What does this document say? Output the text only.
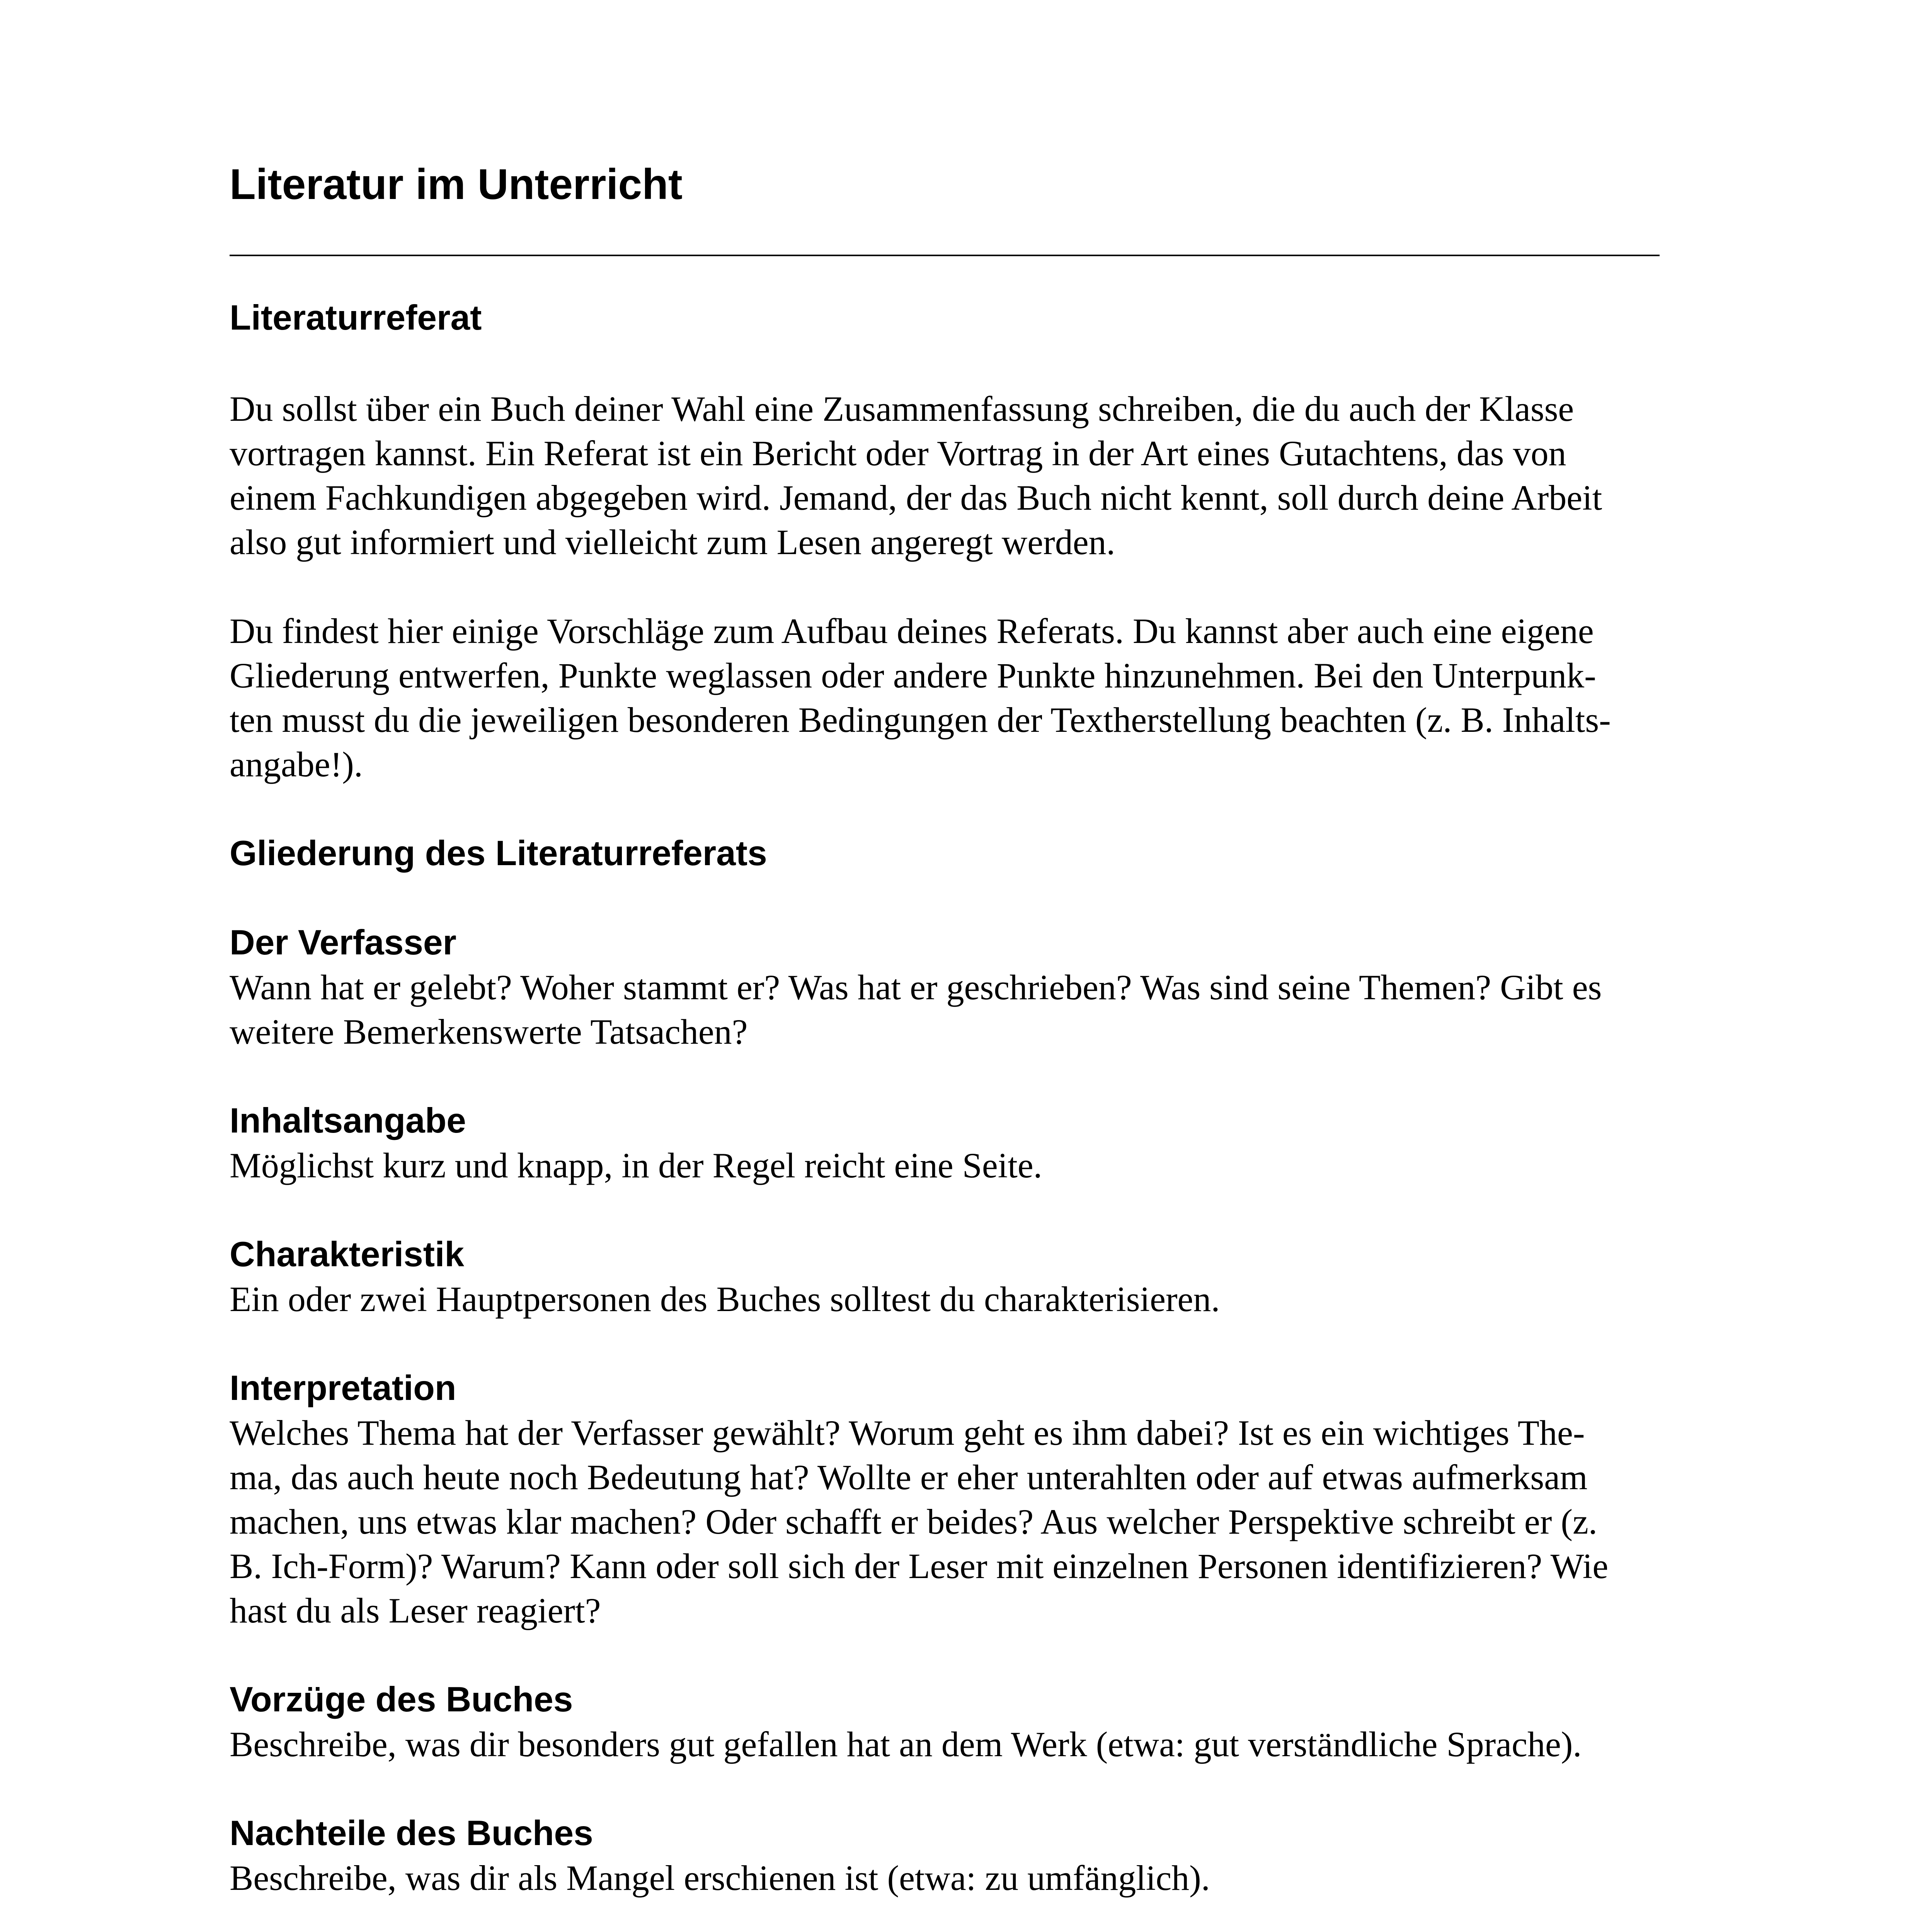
Literatur im Unterricht
Literaturreferat

Du sollst über ein Buch deiner Wahl eine Zusammenfassung schreiben, die du auch der Klasse
vortragen kannst. Ein Referat ist ein Bericht oder Vortrag in der Art eines Gutachtens, das von
einem Fachkundigen abgegeben wird. Jemand, der das Buch nicht kennt, soll durch deine Arbeit
also gut informiert und vielleicht zum Lesen angeregt werden.

Du findest hier einige Vorschläge zum Aufbau deines Referats. Du kannst aber auch eine eigene
Gliederung entwerfen, Punkte weglassen oder andere Punkte hinzunehmen. Bei den Unterpunk-
ten musst du die jeweiligen besonderen Bedingungen der Textherstellung beachten (z. B. Inhalts-
angabe!).

Gliederung des Literaturreferats
Der Verfasser

Wann hat er gelebt? Woher stammt er? Was hat er geschrieben? Was sind seine Themen? Gibt es
weitere Bemerkenswerte Tatsachen?

Inhaltsangabe

Möglichst kurz und knapp, in der Regel reicht eine Seite.

Charakteristik

Ein oder zwei Hauptpersonen des Buches solltest du charakterisieren.

Interpretation

Welches Thema hat der Verfasser gewählt? Worum geht es ihm dabei? Ist es ein wichtiges The-
ma, das auch heute noch Bedeutung hat? Wollte er eher unterahlten oder auf etwas aufmerksam
machen, uns etwas klar machen? Oder schafft er beides? Aus welcher Perspektive schreibt er (z.
B. Ich-Form)? Warum? Kann oder soll sich der Leser mit einzelnen Personen identifizieren? Wie
hast du als Leser reagiert?

Vorzüge des Buches

Beschreibe, was dir besonders gut gefallen hat an dem Werk (etwa: gut verständliche Sprache).

Nachteile des Buches

Beschreibe, was dir als Mangel erschienen ist (etwa: zu umfänglich).
